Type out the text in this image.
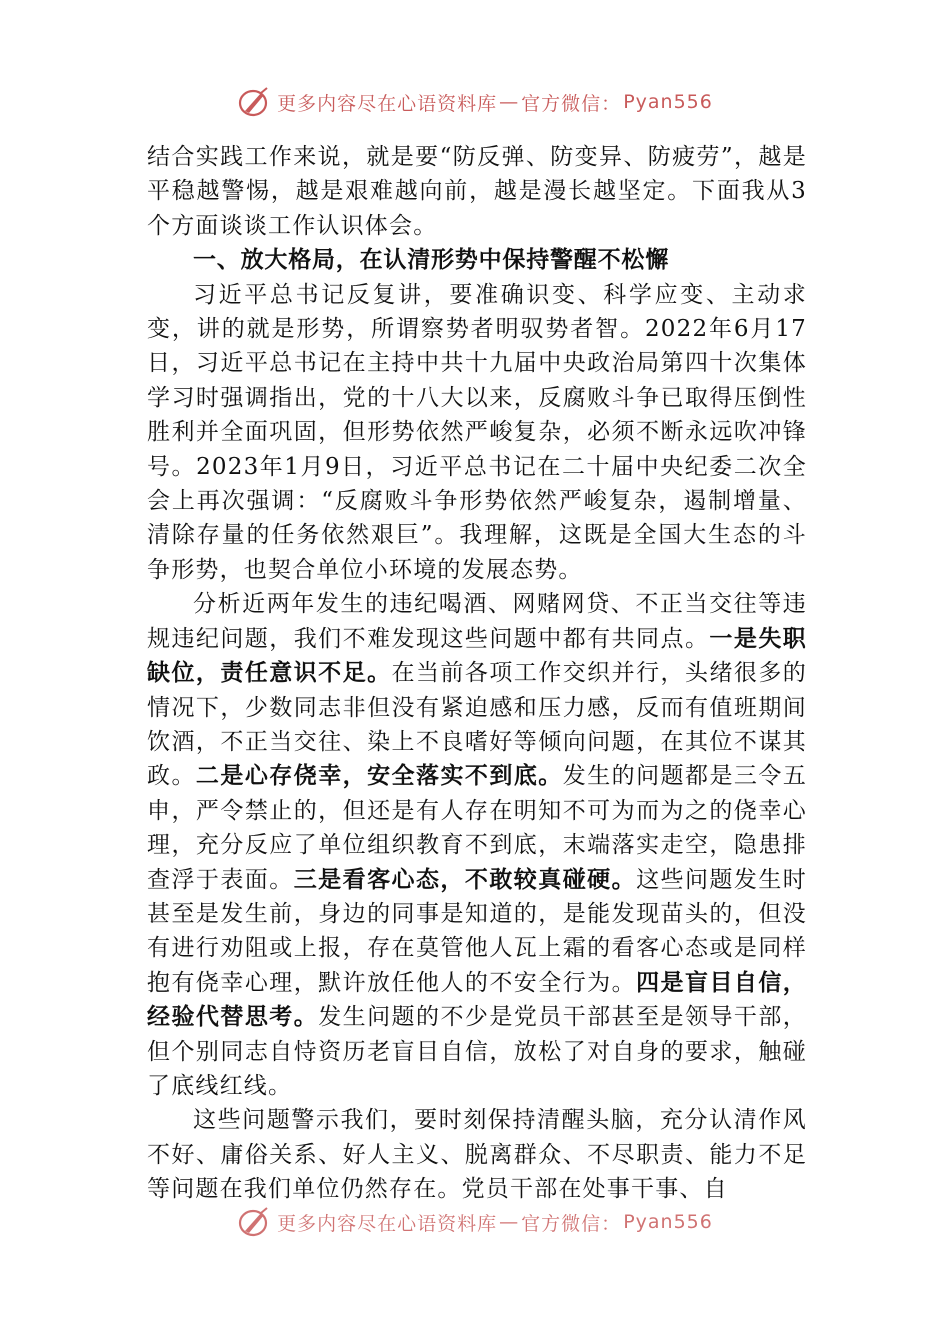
更多内容尽在心语资料库 — 官方微信： Pyan556

结合实践工作来说，就是要“防反弹、防变异、防疲劳”，越是平稳越警惕，越是艰难越向前，越是漫长越坚定。下面我从3个方面谈谈工作认识体会。

一、放大格局，在认清形势中保持警醒不松懈

习近平总书记反复讲，要准确识变、科学应变、主动求变，讲的就是形势，所谓察势者明驭势者智。2022年6月17日，习近平总书记在主持中共十九届中央政治局第四十次集体学习时强调指出，党的十八大以来，反腐败斗争已取得压倒性胜利并全面巩固，但形势依然严峻复杂，必须不断永远吹冲锋号。2023年1月9日，习近平总书记在二十届中央纪委二次全会上再次强调：“反腐败斗争形势依然严峻复杂，遏制增量、清除存量的任务依然艰巨”。我理解，这既是全国大生态的斗争形势，也契合单位小环境的发展态势。

分析近两年发生的违纪喝酒、网赌网贷、不正当交往等违规违纪问题，我们不难发现这些问题中都有共同点。一是失职缺位，责任意识不足。在当前各项工作交织并行，头绪很多的情况下，少数同志非但没有紧迫感和压力感，反而有值班期间饮酒，不正当交往、染上不良嗜好等倾向问题，在其位不谋其政。二是心存侥幸，安全落实不到底。发生的问题都是三令五申，严令禁止的，但还是有人存在明知不可为而为之的侥幸心理，充分反应了单位组织教育不到底，末端落实走空，隐患排查浮于表面。三是看客心态，不敢较真碰硬。这些问题发生时甚至是发生前，身边的同事是知道的，是能发现苗头的，但没有进行劝阻或上报，存在莫管他人瓦上霜的看客心态或是同样抱有侥幸心理，默许放任他人的不安全行为。四是盲目自信，经验代替思考。发生问题的不少是党员干部甚至是领导干部，但个别同志自恃资历老盲目自信，放松了对自身的要求，触碰了底线红线。

这些问题警示我们，要时刻保持清醒头脑，充分认清作风不好、庸俗关系、好人主义、脱离群众、不尽职责、能力不足等问题在我们单位仍然存在。党员干部在处事干事、自

更多内容尽在心语资料库 — 官方微信： Pyan556
